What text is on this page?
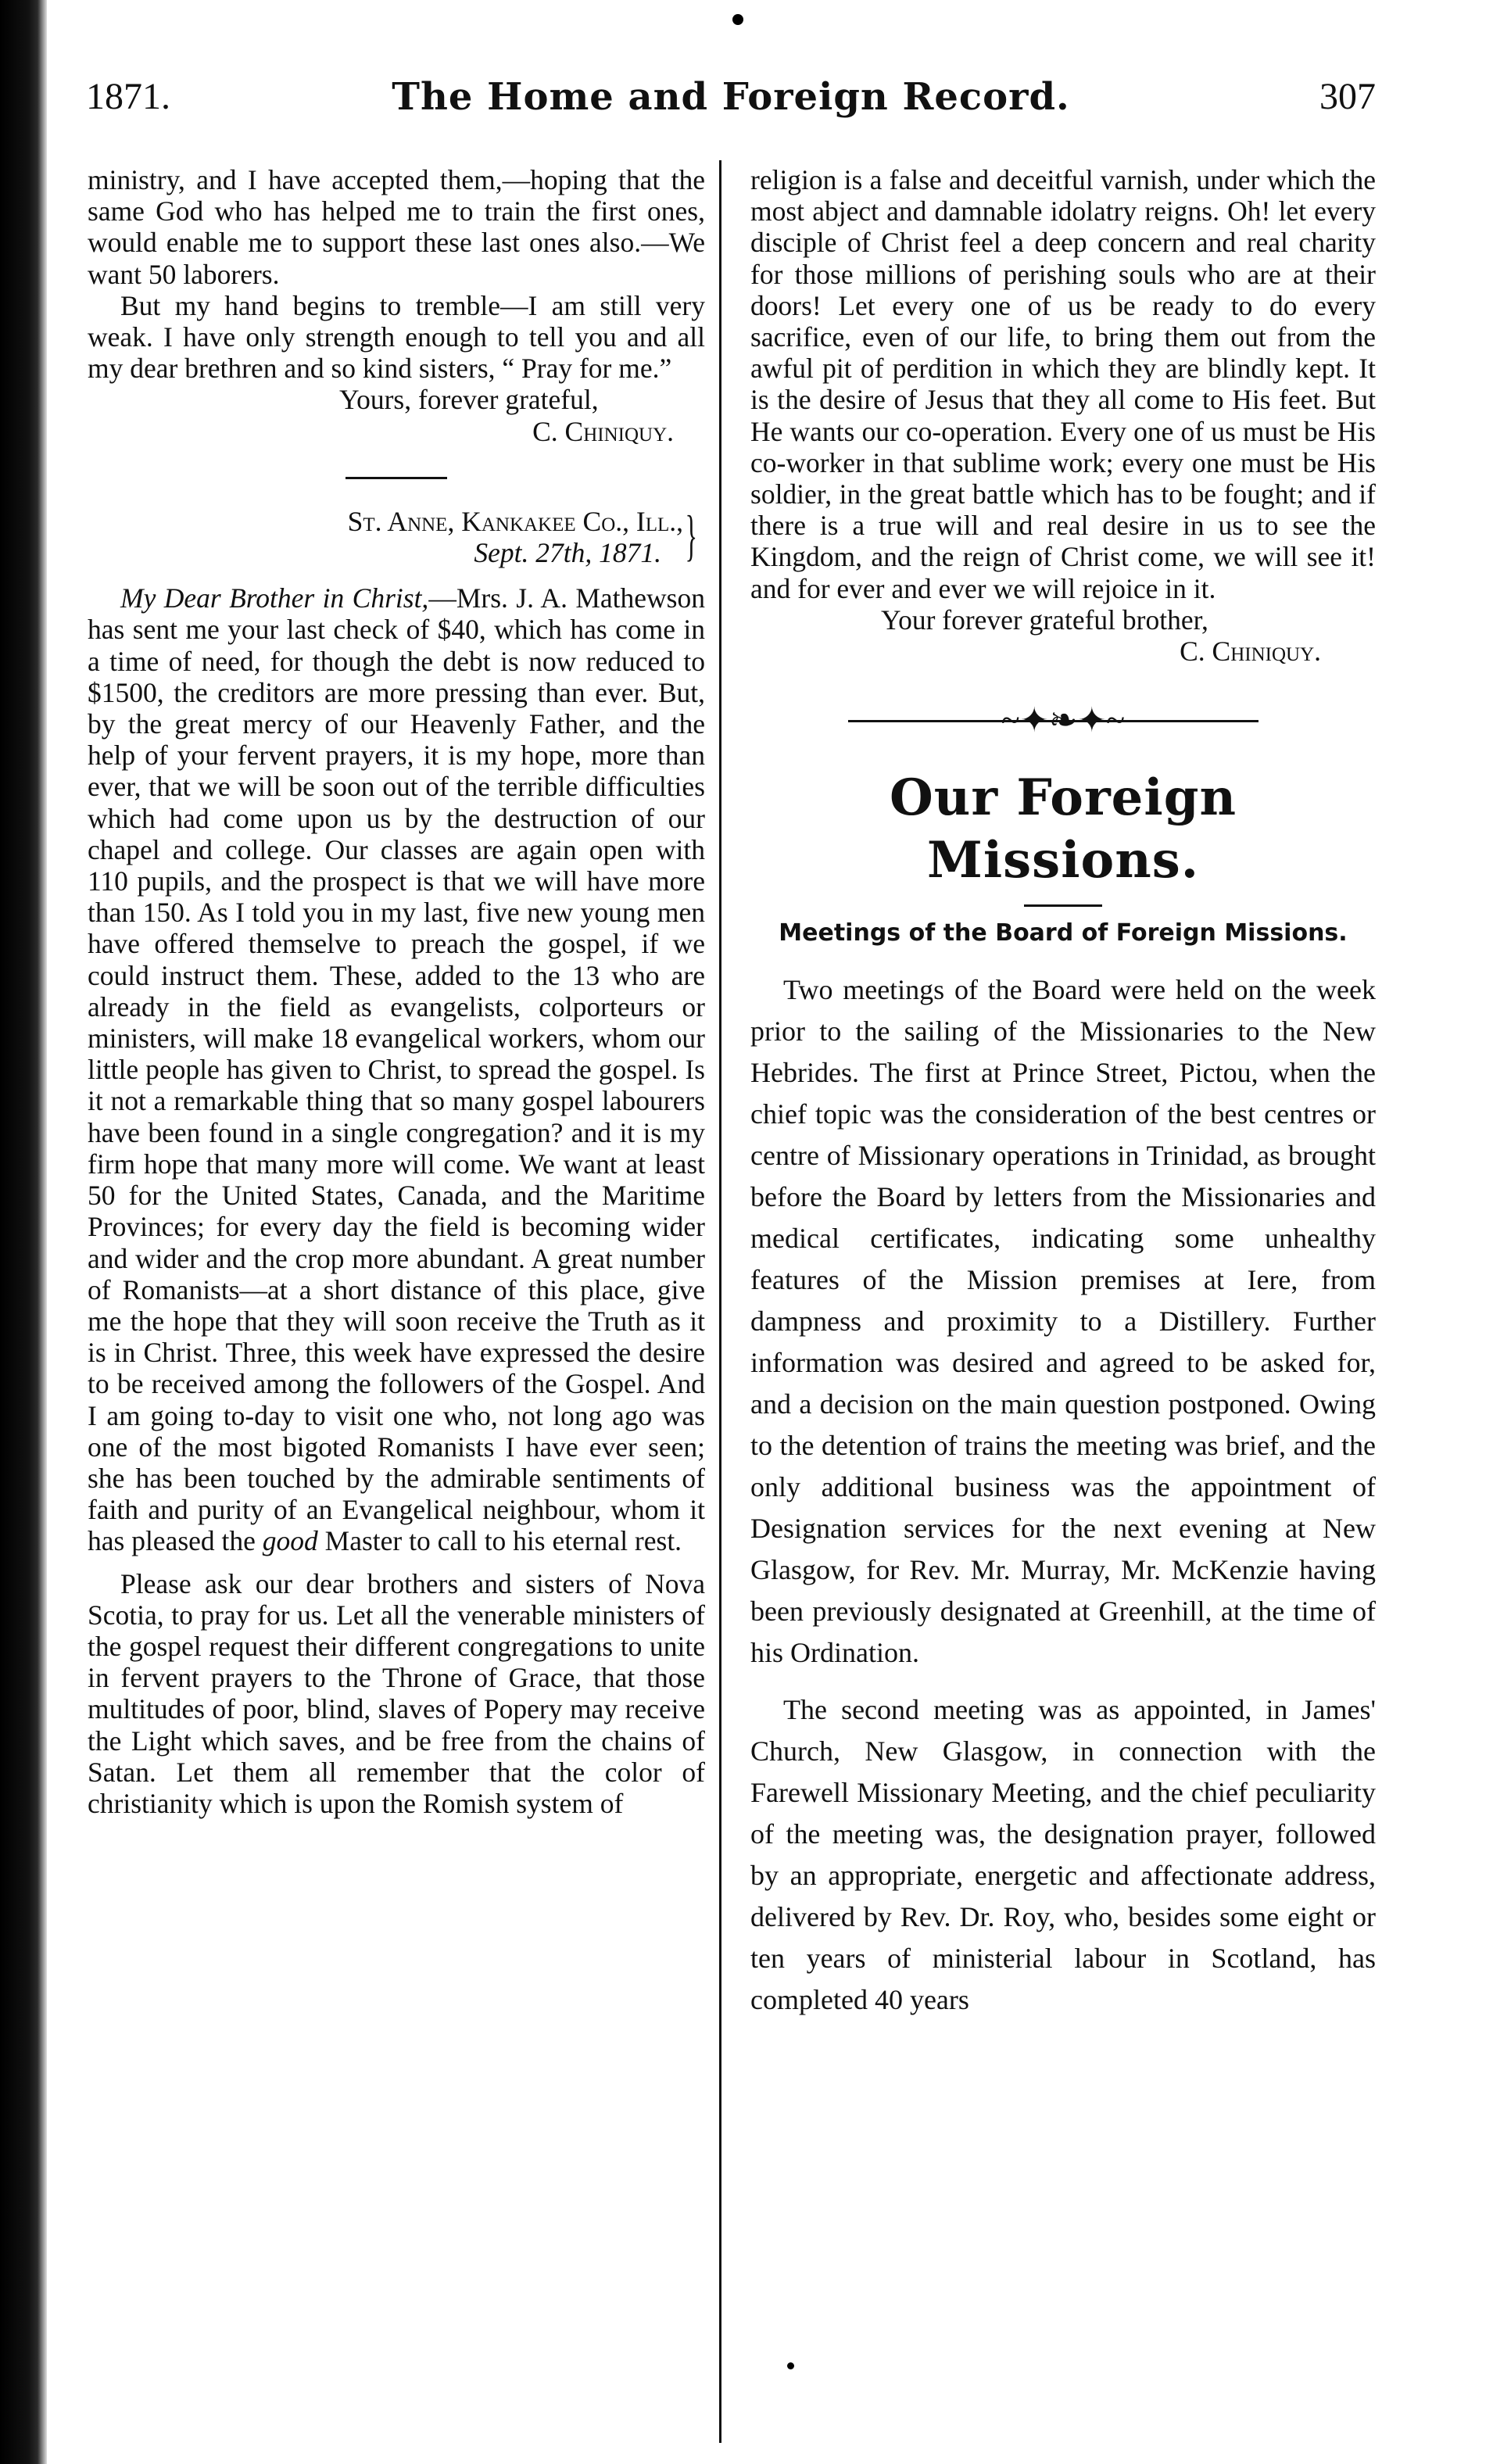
1871.	The Home and Foreign Record.	307

ministry, and I have accepted them,—hoping that the same God who has helped me to train the first ones, would enable me to support these last ones also.—We want 50 laborers.

But my hand begins to tremble—I am still very weak. I have only strength enough to tell you and all my dear brethren and so kind sisters, “ Pray for me.”

Yours, forever grateful,

C. Chiniquy.

St. Anne, Kankakee Co., Ill.,

Sept. 27th, 1871. }

My Dear Brother in Christ,—Mrs. J. A. Mathewson has sent me your last check of $40, which has come in a time of need, for though the debt is now reduced to $1500, the creditors are more pressing than ever. But, by the great mercy of our Heavenly Father, and the help of your fervent prayers, it is my hope, more than ever, that we will be soon out of the terrible difficulties which had come upon us by the destruction of our chapel and college. Our classes are again open with 110 pupils, and the prospect is that we will have more than 150. As I told you in my last, five new young men have offered themselve to preach the gospel, if we could instruct them. These, added to the 13 who are already in the field as evangelists, colporteurs or ministers, will make 18 evangelical workers, whom our little people has given to Christ, to spread the gospel. Is it not a remarkable thing that so many gospel labourers have been found in a single congregation? and it is my firm hope that many more will come. We want at least 50 for the United States, Canada, and the Maritime Provinces; for every day the field is becoming wider and wider and the crop more abundant. A great number of Romanists—at a short distance of this place, give me the hope that they will soon receive the Truth as it is in Christ. Three, this week have expressed the desire to be received among the followers of the Gospel. And I am going to-day to visit one who, not long ago was one of the most bigoted Romanists I have ever seen; she has been touched by the admirable sentiments of faith and purity of an Evangelical neighbour, whom it has pleased the good Master to call to his eternal rest.

Please ask our dear brothers and sisters of Nova Scotia, to pray for us. Let all the venerable ministers of the gospel request their different congregations to unite in fervent prayers to the Throne of Grace, that those multitudes of poor, blind, slaves of Popery may receive the Light which saves, and be free from the chains of Satan. Let them all remember that the color of christianity which is upon the Romish system of

religion is a false and deceitful varnish, under which the most abject and damnable idolatry reigns. Oh! let every disciple of Christ feel a deep concern and real charity for those millions of perishing souls who are at their doors! Let every one of us be ready to do every sacrifice, even of our life, to bring them out from the awful pit of perdition in which they are blindly kept. It is the desire of Jesus that they all come to His feet. But He wants our co-operation. Every one of us must be His co-worker in that sublime work; every one must be His soldier, in the great battle which has to be fought; and if there is a true will and real desire in us to see the Kingdom, and the reign of Christ come, we will see it! and for ever and ever we will rejoice in it.

Your forever grateful brother,

C. Chiniquy.

~✦❧✦~
Our Foreign Missions.
Meetings of the Board of Foreign Missions.

Two meetings of the Board were held on the week prior to the sailing of the Missionaries to the New Hebrides. The first at Prince Street, Pictou, when the chief topic was the consideration of the best centres or centre of Missionary operations in Trinidad, as brought before the Board by letters from the Missionaries and medical certificates, indicating some unhealthy features of the Mission premises at Iere, from dampness and proximity to a Distillery. Further information was desired and agreed to be asked for, and a decision on the main question postponed. Owing to the detention of trains the meeting was brief, and the only additional business was the appointment of Designation services for the next evening at New Glasgow, for Rev. Mr. Murray, Mr. McKenzie having been previously designated at Greenhill, at the time of his Ordination.

The second meeting was as appointed, in James' Church, New Glasgow, in connection with the Farewell Missionary Meeting, and the chief peculiarity of the meeting was, the designation prayer, followed by an appropriate, energetic and affectionate address, delivered by Rev. Dr. Roy, who, besides some eight or ten years of ministerial labour in Scotland, has completed 40 years
